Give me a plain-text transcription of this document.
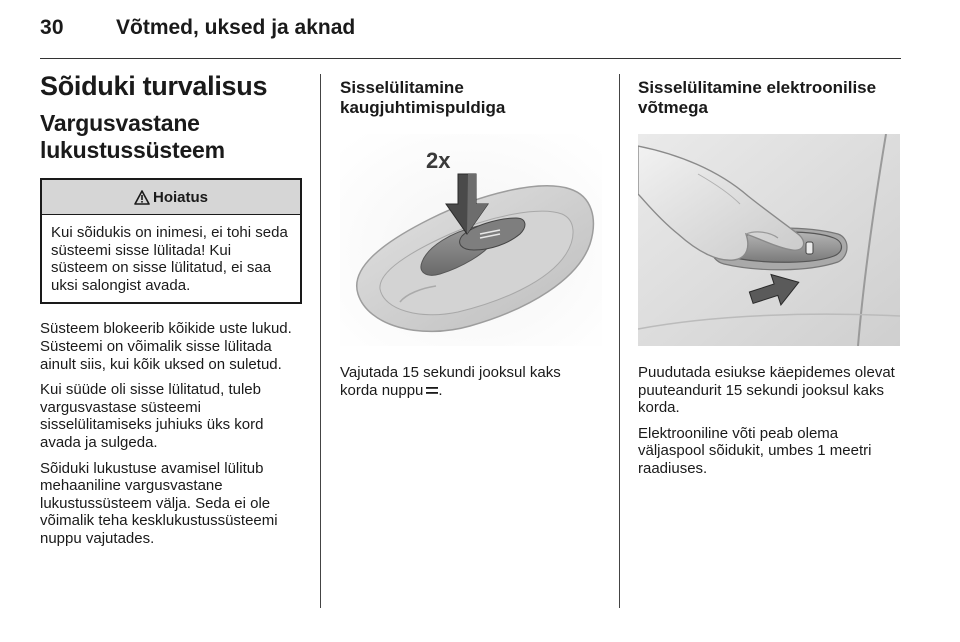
30 Võtmed, uksed ja aknad
Sõiduki turvalisus
Vargusvastane lukustussüsteem
Hoiatus
Kui sõidukis on inimesi, ei tohi seda süsteemi sisse lülitada! Kui süsteem on sisse lülitatud, ei saa uksi salongist avada.

Süsteem blokeerib kõikide uste lukud. Süsteemi on võimalik sisse lülitada ainult siis, kui kõik uksed on suletud.

Kui süüde oli sisse lülitatud, tuleb vargusvastase süsteemi sisselülitamiseks juhiuks üks kord avada ja sulgeda.

Sõiduki lukustuse avamisel lülitub mehaaniline vargusvastane lukustussüsteem välja. Seda ei ole võimalik teha kesklukustussüsteemi nuppu vajutades.

Sisselülitamine kaugjuhtimispuldiga
2x

Vajutada 15 sekundi jooksul kaks korda nuppu .

Sisselülitamine elektroonilise võtmega

Puudutada esiukse käepidemes olevat puuteandurit 15 sekundi jooksul kaks korda.

Elektrooniline võti peab olema väljaspool sõidukit, umbes 1 meetri raadiuses.
